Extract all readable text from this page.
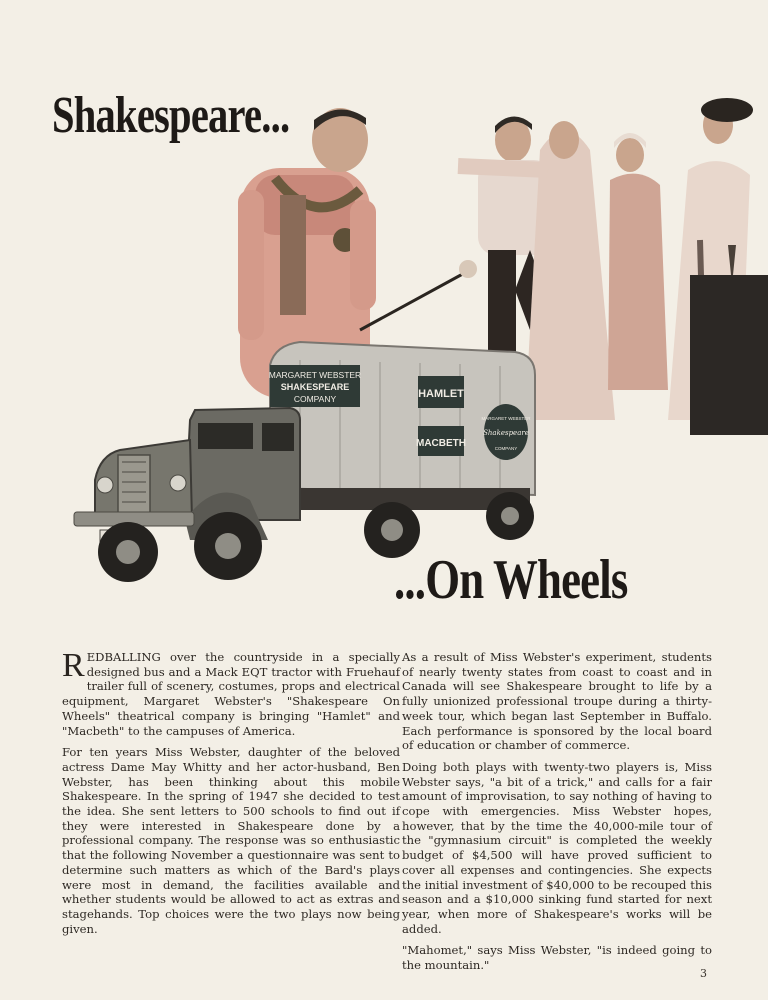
Shakespeare...
MARGARET WEBSTER
SHAKESPEARE
COMPANY	HAMLET
MACBETH
MARGARET WEBSTER
Shakespeare
COMPANY
...On Wheels

REDBALLING over the countryside in a specially designed bus and a Mack EQT tractor with Fruehauf trailer full of scenery, costumes, props and electrical equipment, Margaret Webster's "Shakespeare On Wheels" theatrical company is bringing "Hamlet" and "Macbeth" to the campuses of America.

For ten years Miss Webster, daughter of the beloved actress Dame May Whitty and her actor-husband, Ben Webster, has been thinking about this mobile Shakespeare. In the spring of 1947 she decided to test the idea. She sent letters to 500 schools to find out if they were interested in Shakespeare done by a professional company. The response was so enthusiastic that the following November a questionnaire was sent to determine such matters as which of the Bard's plays were most in demand, the facilities available and whether students would be allowed to act as extras and stagehands. Top choices were the two plays now being given.

As a result of Miss Webster's experiment, students of nearly twenty states from coast to coast and in Canada will see Shakespeare brought to life by a fully unionized professional troupe during a thirty-week tour, which began last September in Buffalo. Each performance is sponsored by the local board of education or chamber of commerce.

Doing both plays with twenty-two players is, Miss Webster says, "a bit of a trick," and calls for a fair amount of improvisation, to say nothing of having to cope with emergencies. Miss Webster hopes, however, that by the time the 40,000-mile tour of the "gymnasium circuit" is completed the weekly budget of $4,500 will have proved sufficient to cover all expenses and contingencies. She expects the initial investment of $40,000 to be recouped this season and a $10,000 sinking fund started for next year, when more of Shakespeare's works will be added.

"Mahomet," says Miss Webster, "is indeed going to the mountain."

3
